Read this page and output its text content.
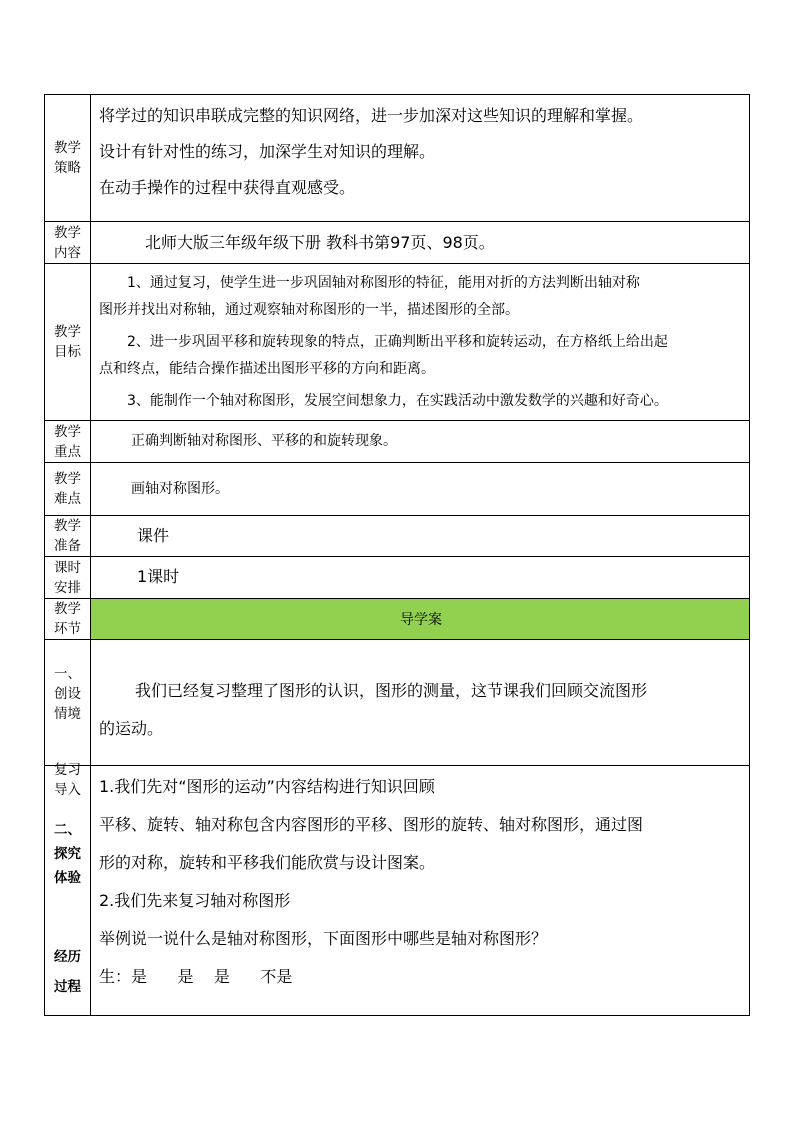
教学
策略

将学过的知识串联成完整的知识网络，进一步加深对这些知识的理解和掌握。

设计有针对性的练习，加深学生对知识的理解。

在动手操作的过程中获得直观感受。

教学
内容

北师大版三年级年级下册 教科书第97页、98页。

教学
目标

1、通过复习，使学生进一步巩固轴对称图形的特征，能用对折的方法判断出轴对称

图形并找出对称轴，通过观察轴对称图形的一半，描述图形的全部。

2、进一步巩固平移和旋转现象的特点，正确判断出平移和旋转运动，在方格纸上给出起

点和终点，能结合操作描述出图形平移的方向和距离。

3、能制作一个轴对称图形，发展空间想象力，在实践活动中激发数学的兴趣和好奇心。

教学
重点

正确判断轴对称图形、平移的和旋转现象。

教学
难点

画轴对称图形。

教学
准备

课件

课时
安排

1课时

教学
环节
导学案

一、
创设
情境

复习
导入

我们已经复习整理了图形的认识，图形的测量，这节课我们回顾交流图形

的运动。

二、
探究
体验

经历
过程

1.我们先对“图形的运动”内容结构进行知识回顾

平移、旋转、轴对称包含内容图形的平移、图形的旋转、轴对称图形，通过图

形的对称，旋转和平移我们能欣赏与设计图案。

2.我们先来复习轴对称图形

举例说一说什么是轴对称图形，下面图形中哪些是轴对称图形？

生：是      是    是      不是
